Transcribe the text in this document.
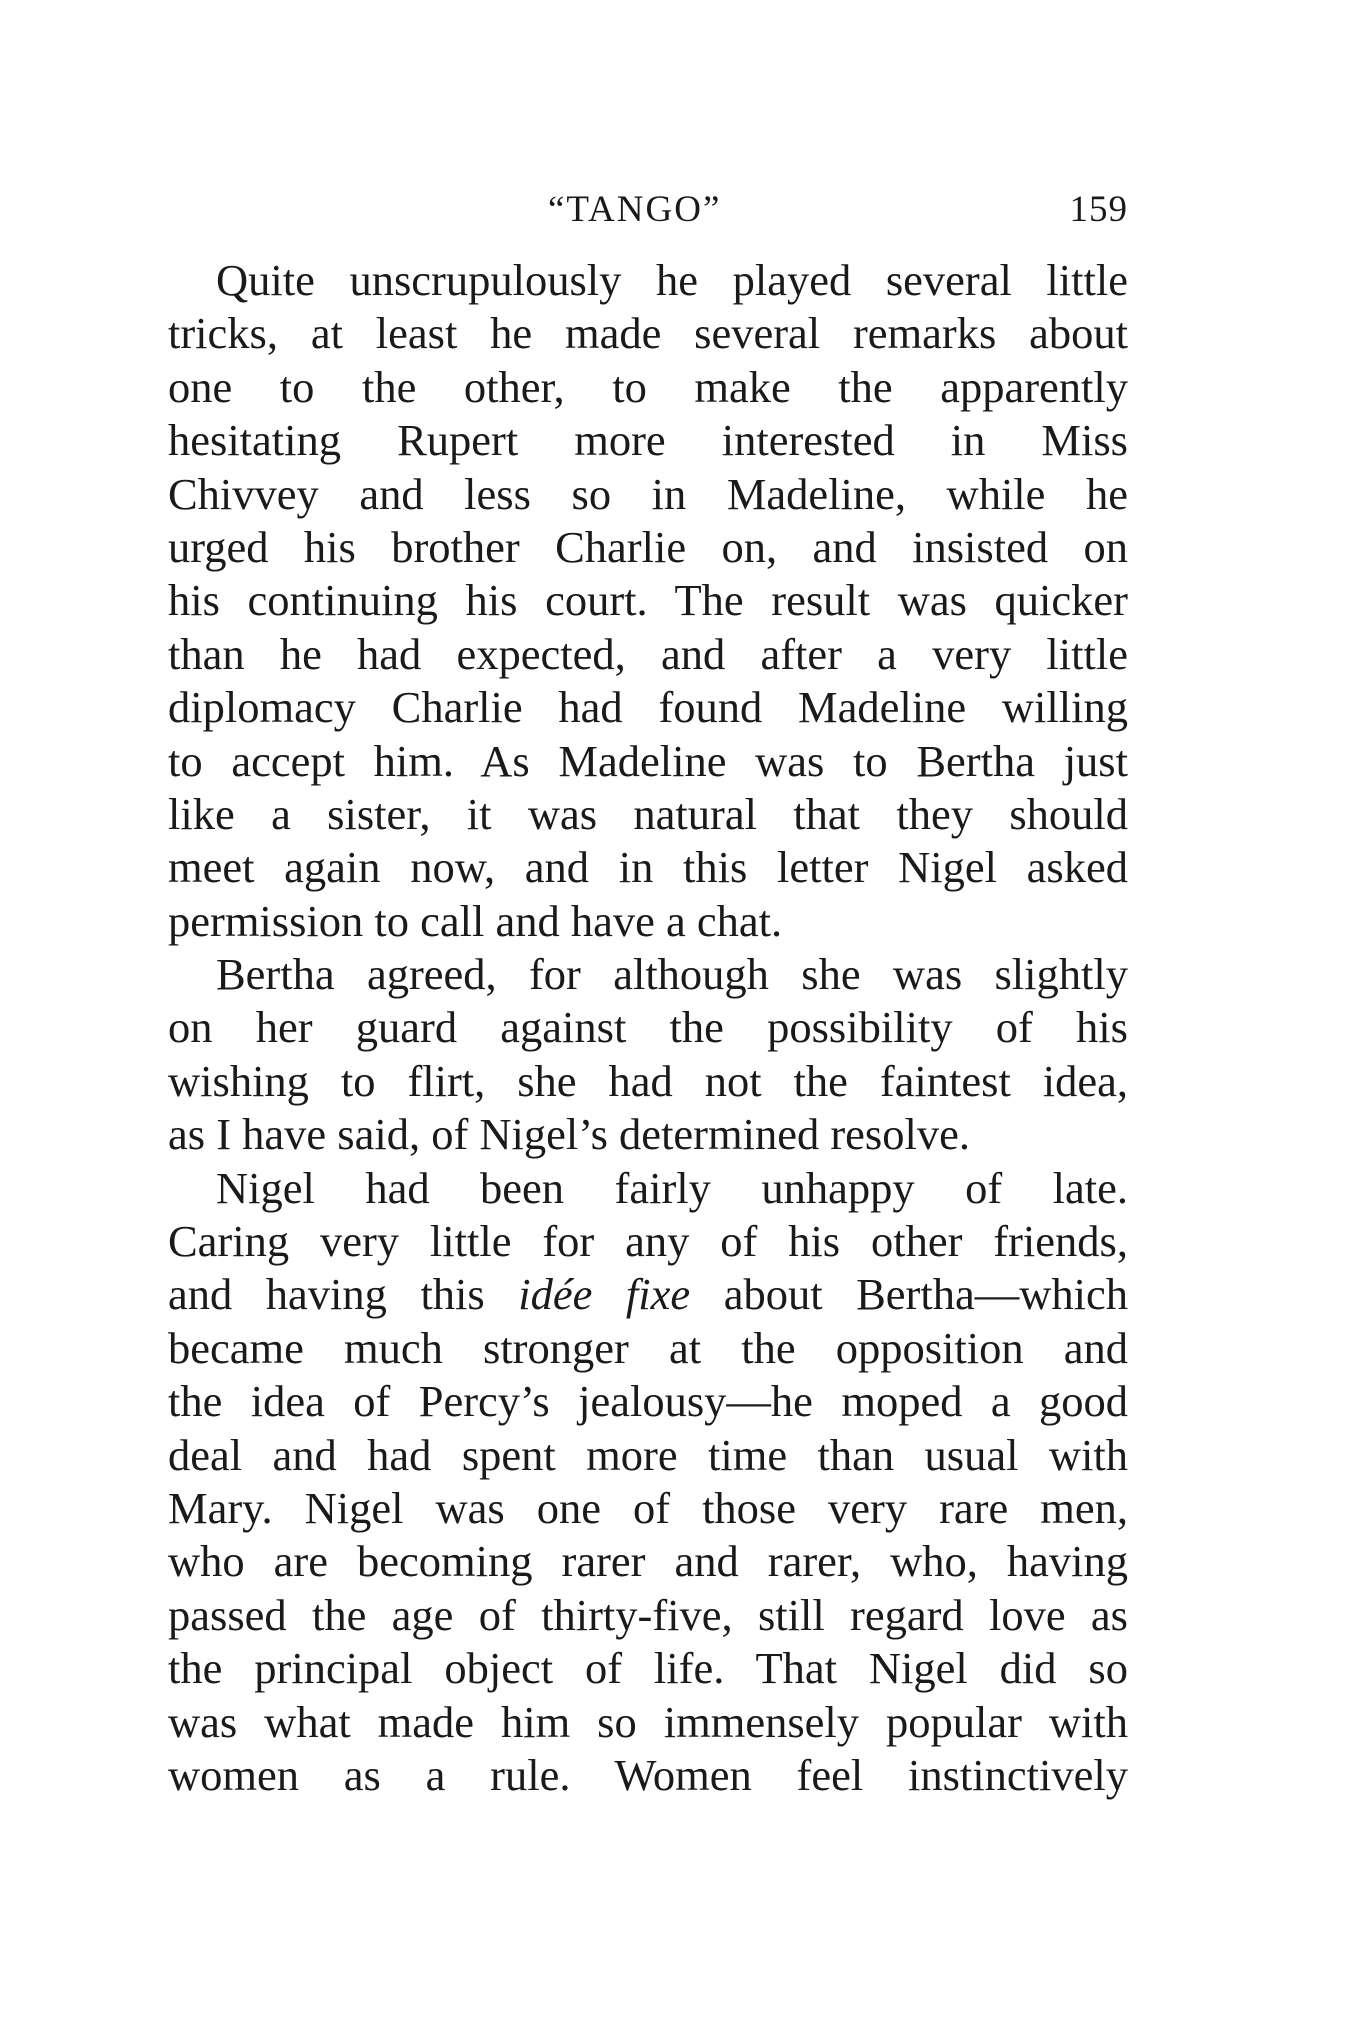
“TANGO”	159
Quite unscrupulously he played several little
tricks, at least he made several remarks about
one to the other, to make the apparently
hesitating Rupert more interested in Miss
Chivvey and less so in Madeline, while he
urged his brother Charlie on, and insisted on
his continuing his court. The result was quicker
than he had expected, and after a very little
diplomacy Charlie had found Madeline willing
to accept him. As Madeline was to Bertha just
like a sister, it was natural that they should
meet again now, and in this letter Nigel asked
permission to call and have a chat.
Bertha agreed, for although she was slightly
on her guard against the possibility of his
wishing to flirt, she had not the faintest idea,
as I have said, of Nigel’s determined resolve.
Nigel had been fairly unhappy of late.
Caring very little for any of his other friends,
and having this idée fixe about Bertha—which
became much stronger at the opposition and
the idea of Percy’s jealousy—he moped a good
deal and had spent more time than usual with
Mary. Nigel was one of those very rare men,
who are becoming rarer and rarer, who, having
passed the age of thirty-five, still regard love as
the principal object of life. That Nigel did so
was what made him so immensely popular with
women as a rule. Women feel instinctively
